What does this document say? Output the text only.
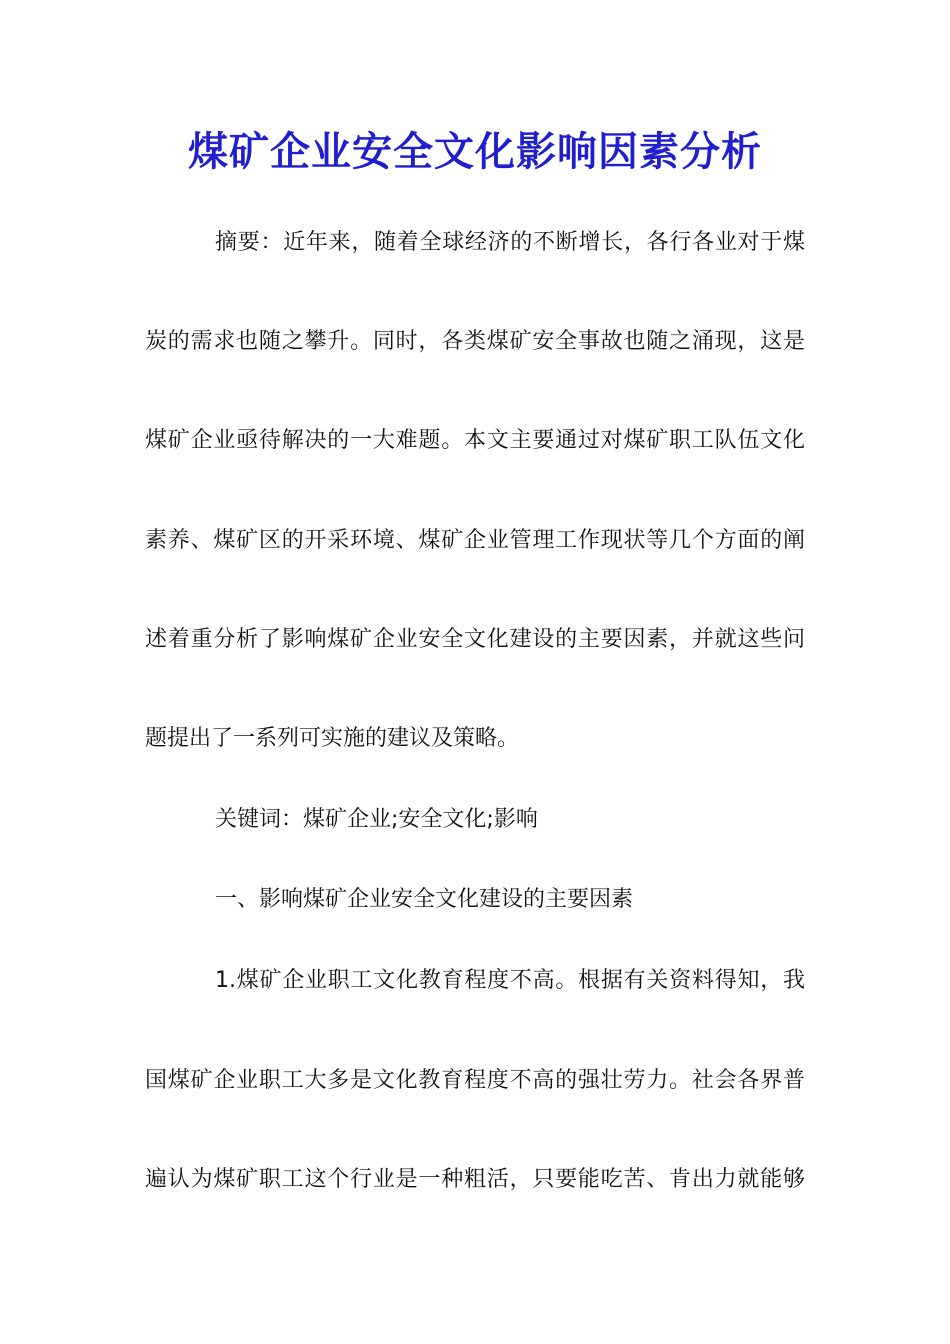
煤矿企业安全文化影响因素分析

摘要：近年来，随着全球经济的不断增长，各行各业对于煤

炭的需求也随之攀升。同时，各类煤矿安全事故也随之涌现，这是

煤矿企业亟待解决的一大难题。本文主要通过对煤矿职工队伍文化

素养、煤矿区的开采环境、煤矿企业管理工作现状等几个方面的阐

述着重分析了影响煤矿企业安全文化建设的主要因素，并就这些问

题提出了一系列可实施的建议及策略。

关键词：煤矿企业;安全文化;影响

一、影响煤矿企业安全文化建设的主要因素

1.煤矿企业职工文化教育程度不高。根据有关资料得知，我

国煤矿企业职工大多是文化教育程度不高的强壮劳力。社会各界普

遍认为煤矿职工这个行业是一种粗活，只要能吃苦、肯出力就能够
